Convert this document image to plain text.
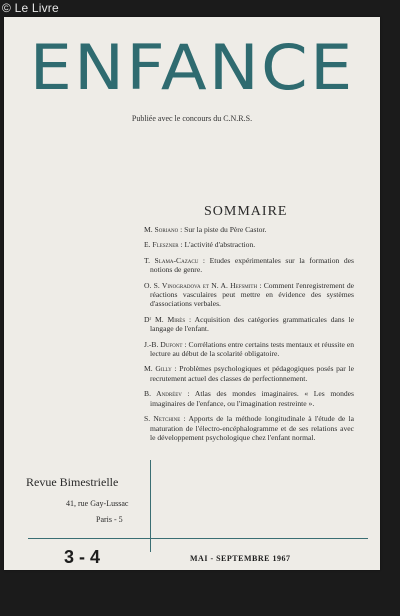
© Le Livre
ENFANCE
Publiée avec le concours du C.N.R.S.
SOMMAIRE
M. Soriano : Sur la piste du Père Castor.
E. Fleszner : L'activité d'abstraction.
T. Slama-Cazacu : Etudes expérimentales sur la formation des notions de genre.
O. S. Vinogradova et N. A. Hefsmith : Comment l'enregistrement de réactions vasculaires peut mettre en évidence des systèmes d'associations verbales.
Dʳ M. Mirès : Acquisition des catégories grammaticales dans le langage de l'enfant.
J.-B. Dufont : Corrélations entre certains tests mentaux et réussite en lecture au début de la scolarité obligatoire.
M. Gilly : Problèmes psychologiques et pédagogiques posés par le recrutement actuel des classes de perfectionnement.
B. Andréev : Atlas des mondes imaginaires. « Les mondes imaginaires de l'enfance, ou l'imagination restreinte ».
S. Netchine : Apports de la méthode longitudinale à l'étude de la maturation de l'électro-encéphalogramme et de ses relations avec le développement psychologique chez l'enfant normal.
Revue Bimestrielle
41, rue Gay-Lussac
Paris - 5
3 - 4	MAI - SEPTEMBRE 1967
